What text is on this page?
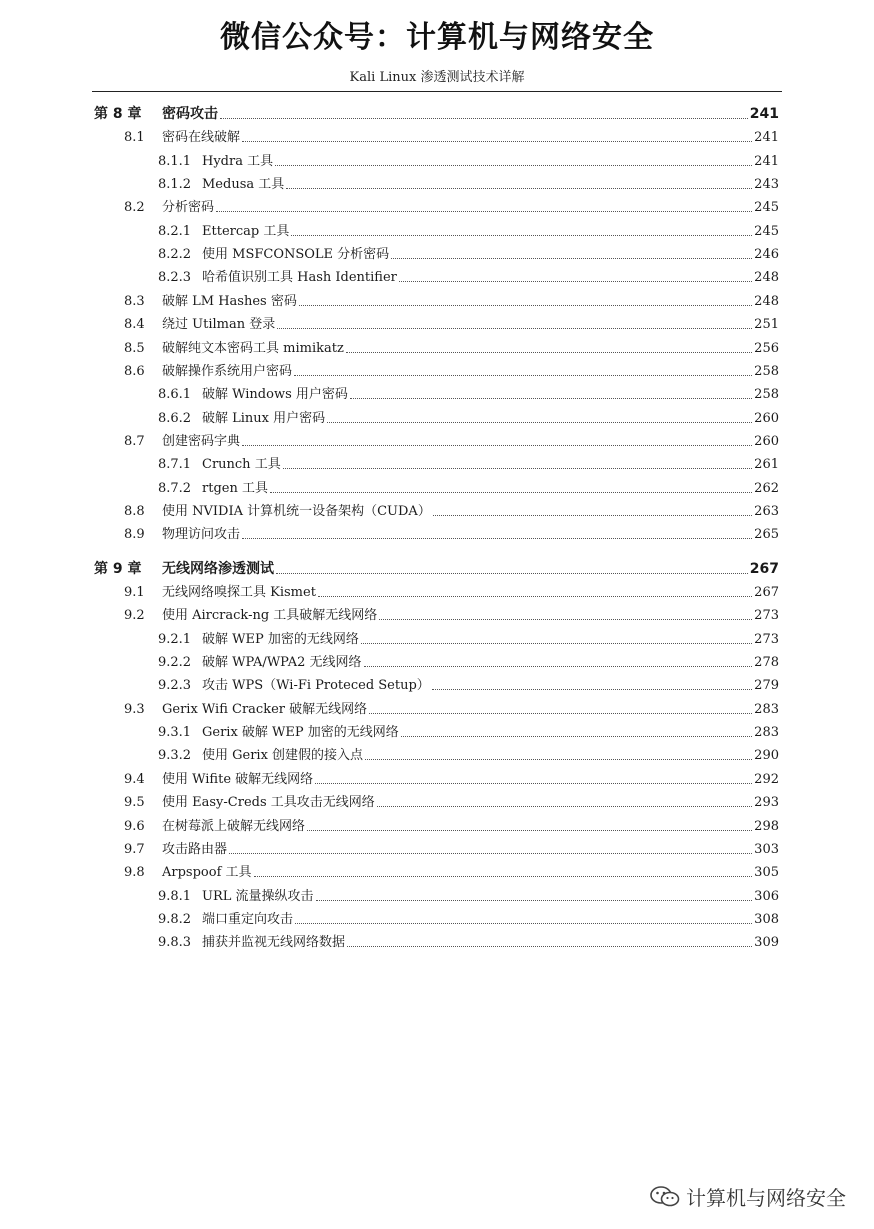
微信公众号：计算机与网络安全
Kali Linux 渗透测试技术详解
第 8 章	密码攻击	241
8.1	密码在线破解	241
8.1.1 Hydra 工具	241
8.1.2 Medusa 工具	243
8.2	分析密码	245
8.2.1 Ettercap 工具	245
8.2.2 使用 MSFCONSOLE 分析密码	246
8.2.3 哈希值识别工具 Hash Identifier	248
8.3	破解 LM Hashes 密码	248
8.4	绕过 Utilman 登录	251
8.5	破解纯文本密码工具 mimikatz	256
8.6	破解操作系统用户密码	258
8.6.1 破解 Windows 用户密码	258
8.6.2 破解 Linux 用户密码	260
8.7	创建密码字典	260
8.7.1 Crunch 工具	261
8.7.2 rtgen 工具	262
8.8	使用 NVIDIA 计算机统一设备架构（CUDA）	263
8.9	物理访问攻击	265
第 9 章	无线网络渗透测试	267
9.1	无线网络嗅探工具 Kismet	267
9.2	使用 Aircrack-ng 工具破解无线网络	273
9.2.1 破解 WEP 加密的无线网络	273
9.2.2 破解 WPA/WPA2 无线网络	278
9.2.3 攻击 WPS（Wi-Fi Proteced Setup）	279
9.3	Gerix Wifi Cracker 破解无线网络	283
9.3.1 Gerix 破解 WEP 加密的无线网络	283
9.3.2 使用 Gerix 创建假的接入点	290
9.4	使用 Wifite 破解无线网络	292
9.5	使用 Easy-Creds 工具攻击无线网络	293
9.6	在树莓派上破解无线网络	298
9.7	攻击路由器	303
9.8	Arpspoof 工具	305
9.8.1 URL 流量操纵攻击	306
9.8.2 端口重定向攻击	308
9.8.3 捕获并监视无线网络数据	309
计算机与网络安全
